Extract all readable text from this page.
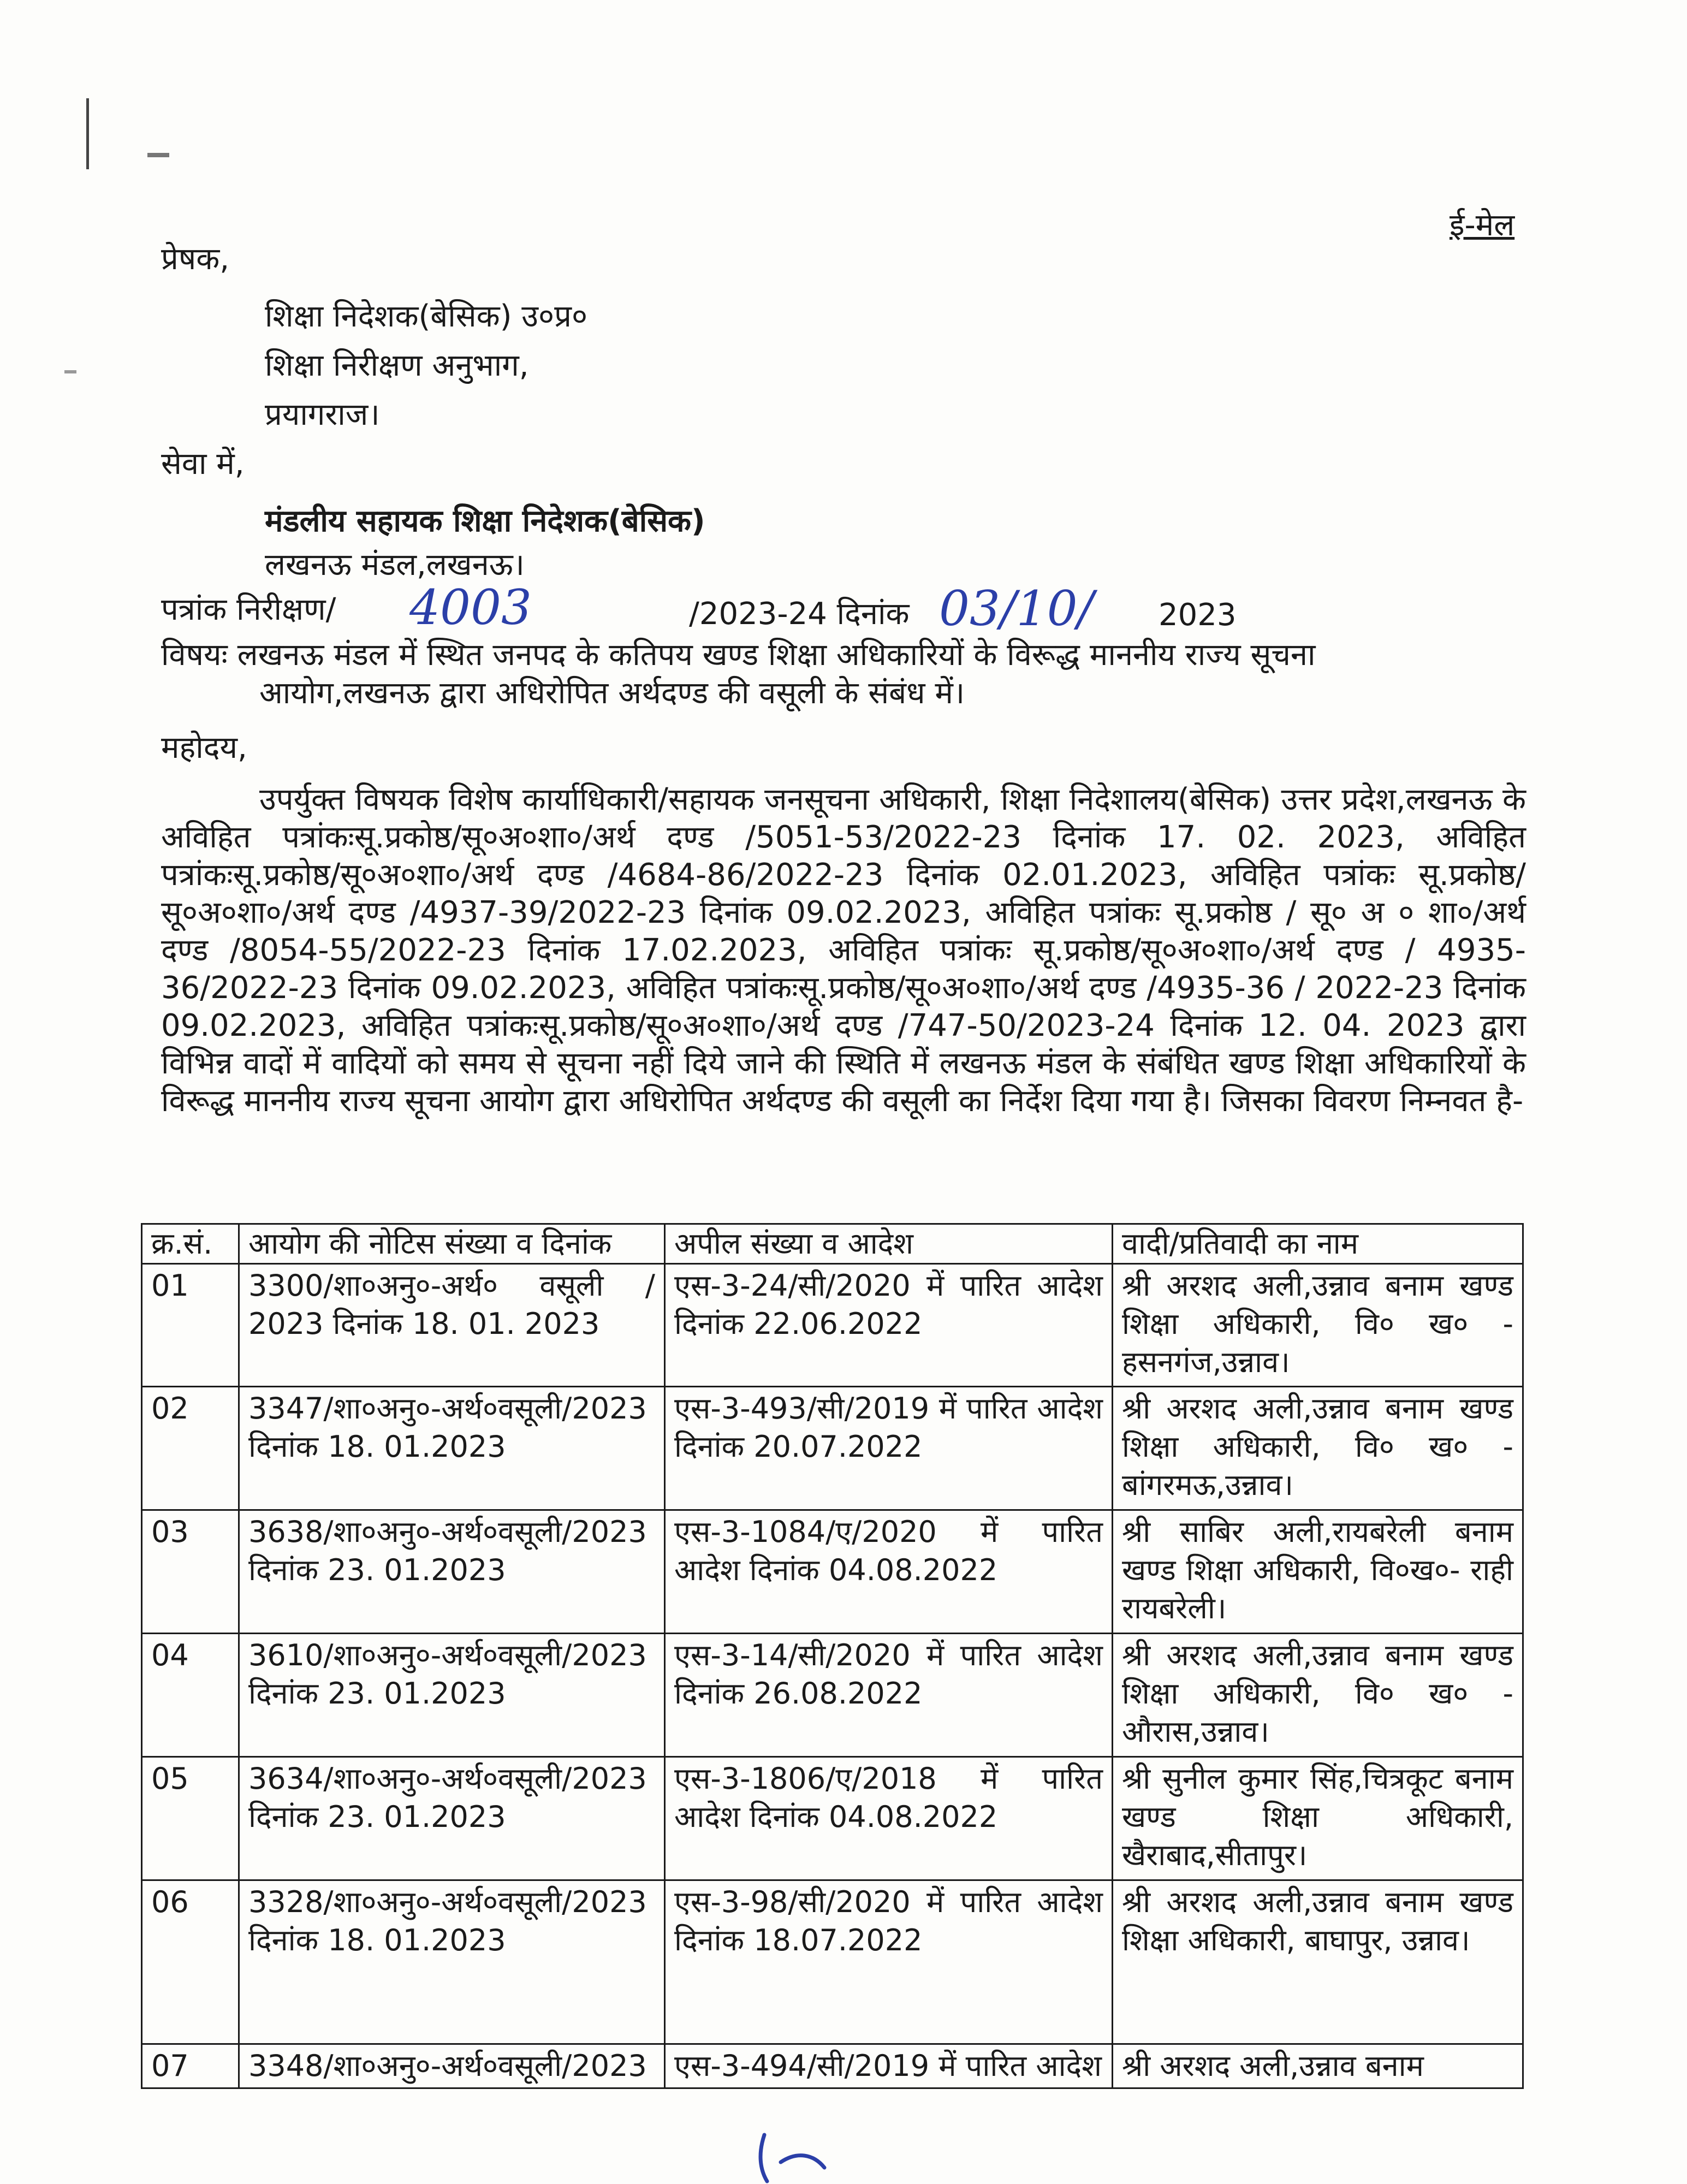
ई-मेल
प्रेषक,
शिक्षा निदेशक(बेसिक) उ०प्र०
शिक्षा निरीक्षण अनुभाग,
प्रयागराज।
सेवा में,
मंडलीय सहायक शिक्षा निदेशक(बेसिक)
लखनऊ मंडल,लखनऊ।
पत्रांक निरीक्षण/ 4003	/2023-24 दिनांक 03/10/ 2023
विषयः लखनऊ मंडल में स्थित जनपद के कतिपय खण्ड शिक्षा अधिकारियों के विरूद्ध माननीय राज्य सूचना
आयोग,लखनऊ द्वारा अधिरोपित अर्थदण्ड की वसूली के संबंध में।
महोदय,
उपर्युक्त विषयक विशेष कार्याधिकारी/सहायक जनसूचना अधिकारी, शिक्षा निदेशालय(बेसिक) उत्तर प्रदेश,लखनऊ के अविहित पत्रांकःसू.प्रकोष्ठ/सू०अ०शा०/अर्थ दण्ड /5051-53/2022-23 दिनांक 17. 02. 2023, अविहित पत्रांकःसू.प्रकोष्ठ/सू०अ०शा०/अर्थ दण्ड /4684-86/2022-23 दिनांक 02.01.2023, अविहित पत्रांकः सू.प्रकोष्ठ/सू०अ०शा०/अर्थ दण्ड /4937-39/2022-23 दिनांक 09.02.2023, अविहित पत्रांकः सू.प्रकोष्ठ / सू० अ ० शा०/अर्थ दण्ड /8054-55/2022-23 दिनांक 17.02.2023, अविहित पत्रांकः सू.प्रकोष्ठ/सू०अ०शा०/अर्थ दण्ड / 4935-36/2022-23 दिनांक 09.02.2023, अविहित पत्रांकःसू.प्रकोष्ठ/सू०अ०शा०/अर्थ दण्ड /4935-36 / 2022-23 दिनांक 09.02.2023, अविहित पत्रांकःसू.प्रकोष्ठ/सू०अ०शा०/अर्थ दण्ड /747-50/2023-24 दिनांक 12. 04. 2023 द्वारा विभिन्न वादों में वादियों को समय से सूचना नहीं दिये जाने की स्थिति में लखनऊ मंडल के संबंधित खण्ड शिक्षा अधिकारियों के विरूद्ध माननीय राज्य सूचना आयोग द्वारा अधिरोपित अर्थदण्ड की वसूली का निर्देश दिया गया है। जिसका विवरण निम्नवत है-
क्र.सं.	आयोग की नोटिस संख्या व दिनांक	अपील संख्या व आदेश	वादी/प्रतिवादी का नाम
01	3300/शा०अनु०-अर्थ० वसूली / 2023 दिनांक 18. 01. 2023	एस-3-24/सी/2020 में पारित आदेश दिनांक 22.06.2022	श्री अरशद अली,उन्नाव बनाम खण्ड शिक्षा अधिकारी, वि० ख० - हसनगंज,उन्नाव।
02	3347/शा०अनु०-अर्थ०वसूली/2023 दिनांक 18. 01.2023	एस-3-493/सी/2019 में पारित आदेश दिनांक 20.07.2022	श्री अरशद अली,उन्नाव बनाम खण्ड शिक्षा अधिकारी, वि० ख० - बांगरमऊ,उन्नाव।
03	3638/शा०अनु०-अर्थ०वसूली/2023 दिनांक 23. 01.2023	एस-3-1084/ए/2020 में पारित आदेश दिनांक 04.08.2022	श्री साबिर अली,रायबरेली बनाम खण्ड शिक्षा अधिकारी, वि०ख०- राही रायबरेली।
04	3610/शा०अनु०-अर्थ०वसूली/2023 दिनांक 23. 01.2023	एस-3-14/सी/2020 में पारित आदेश दिनांक 26.08.2022	श्री अरशद अली,उन्नाव बनाम खण्ड शिक्षा अधिकारी, वि० ख० - औरास,उन्नाव।
05	3634/शा०अनु०-अर्थ०वसूली/2023 दिनांक 23. 01.2023	एस-3-1806/ए/2018 में पारित आदेश दिनांक 04.08.2022	श्री सुनील कुमार सिंह,चित्रकूट बनाम खण्ड शिक्षा अधिकारी, खैराबाद,सीतापुर।
06	3328/शा०अनु०-अर्थ०वसूली/2023 दिनांक 18. 01.2023	एस-3-98/सी/2020 में पारित आदेश दिनांक 18.07.2022	श्री अरशद अली,उन्नाव बनाम खण्ड शिक्षा अधिकारी, बाघापुर, उन्नाव।
07	3348/शा०अनु०-अर्थ०वसूली/2023	एस-3-494/सी/2019 में पारित आदेश	श्री अरशद अली,उन्नाव बनाम
